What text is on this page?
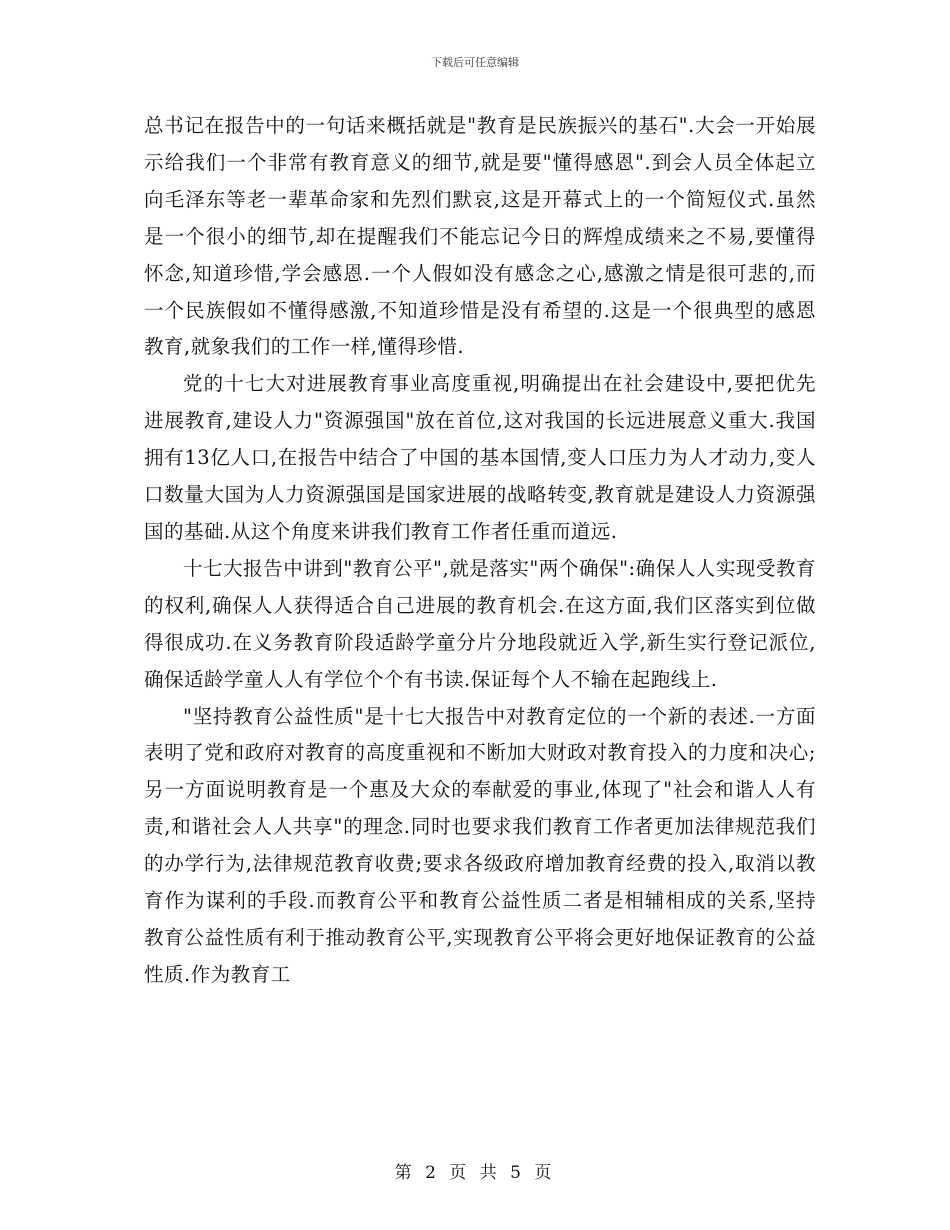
下载后可任意编辑

总书记在报告中的一句话来概括就是"教育是民族振兴的基石".大会一开始展示给我们一个非常有教育意义的细节,就是要"懂得感恩".到会人员全体起立向毛泽东等老一辈革命家和先烈们默哀,这是开幕式上的一个简短仪式.虽然是一个很小的细节,却在提醒我们不能忘记今日的辉煌成绩来之不易,要懂得怀念,知道珍惜,学会感恩.一个人假如没有感念之心,感激之情是很可悲的,而一个民族假如不懂得感激,不知道珍惜是没有希望的.这是一个很典型的感恩教育,就象我们的工作一样,懂得珍惜.

党的十七大对进展教育事业高度重视,明确提出在社会建设中,要把优先进展教育,建设人力"资源强国"放在首位,这对我国的长远进展意义重大.我国拥有13亿人口,在报告中结合了中国的基本国情,变人口压力为人才动力,变人口数量大国为人力资源强国是国家进展的战略转变,教育就是建设人力资源强国的基础.从这个角度来讲我们教育工作者任重而道远.

十七大报告中讲到"教育公平",就是落实"两个确保":确保人人实现受教育的权利,确保人人获得适合自己进展的教育机会.在这方面,我们区落实到位做得很成功.在义务教育阶段适龄学童分片分地段就近入学,新生实行登记派位,确保适龄学童人人有学位个个有书读.保证每个人不输在起跑线上.

"坚持教育公益性质"是十七大报告中对教育定位的一个新的表述.一方面表明了党和政府对教育的高度重视和不断加大财政对教育投入的力度和决心;另一方面说明教育是一个惠及大众的奉献爱的事业,体现了"社会和谐人人有责,和谐社会人人共享"的理念.同时也要求我们教育工作者更加法律规范我们的办学行为,法律规范教育收费;要求各级政府增加教育经费的投入,取消以教育作为谋利的手段.而教育公平和教育公益性质二者是相辅相成的关系,坚持教育公益性质有利于推动教育公平,实现教育公平将会更好地保证教育的公益性质.作为教育工

第 2 页 共 5 页
